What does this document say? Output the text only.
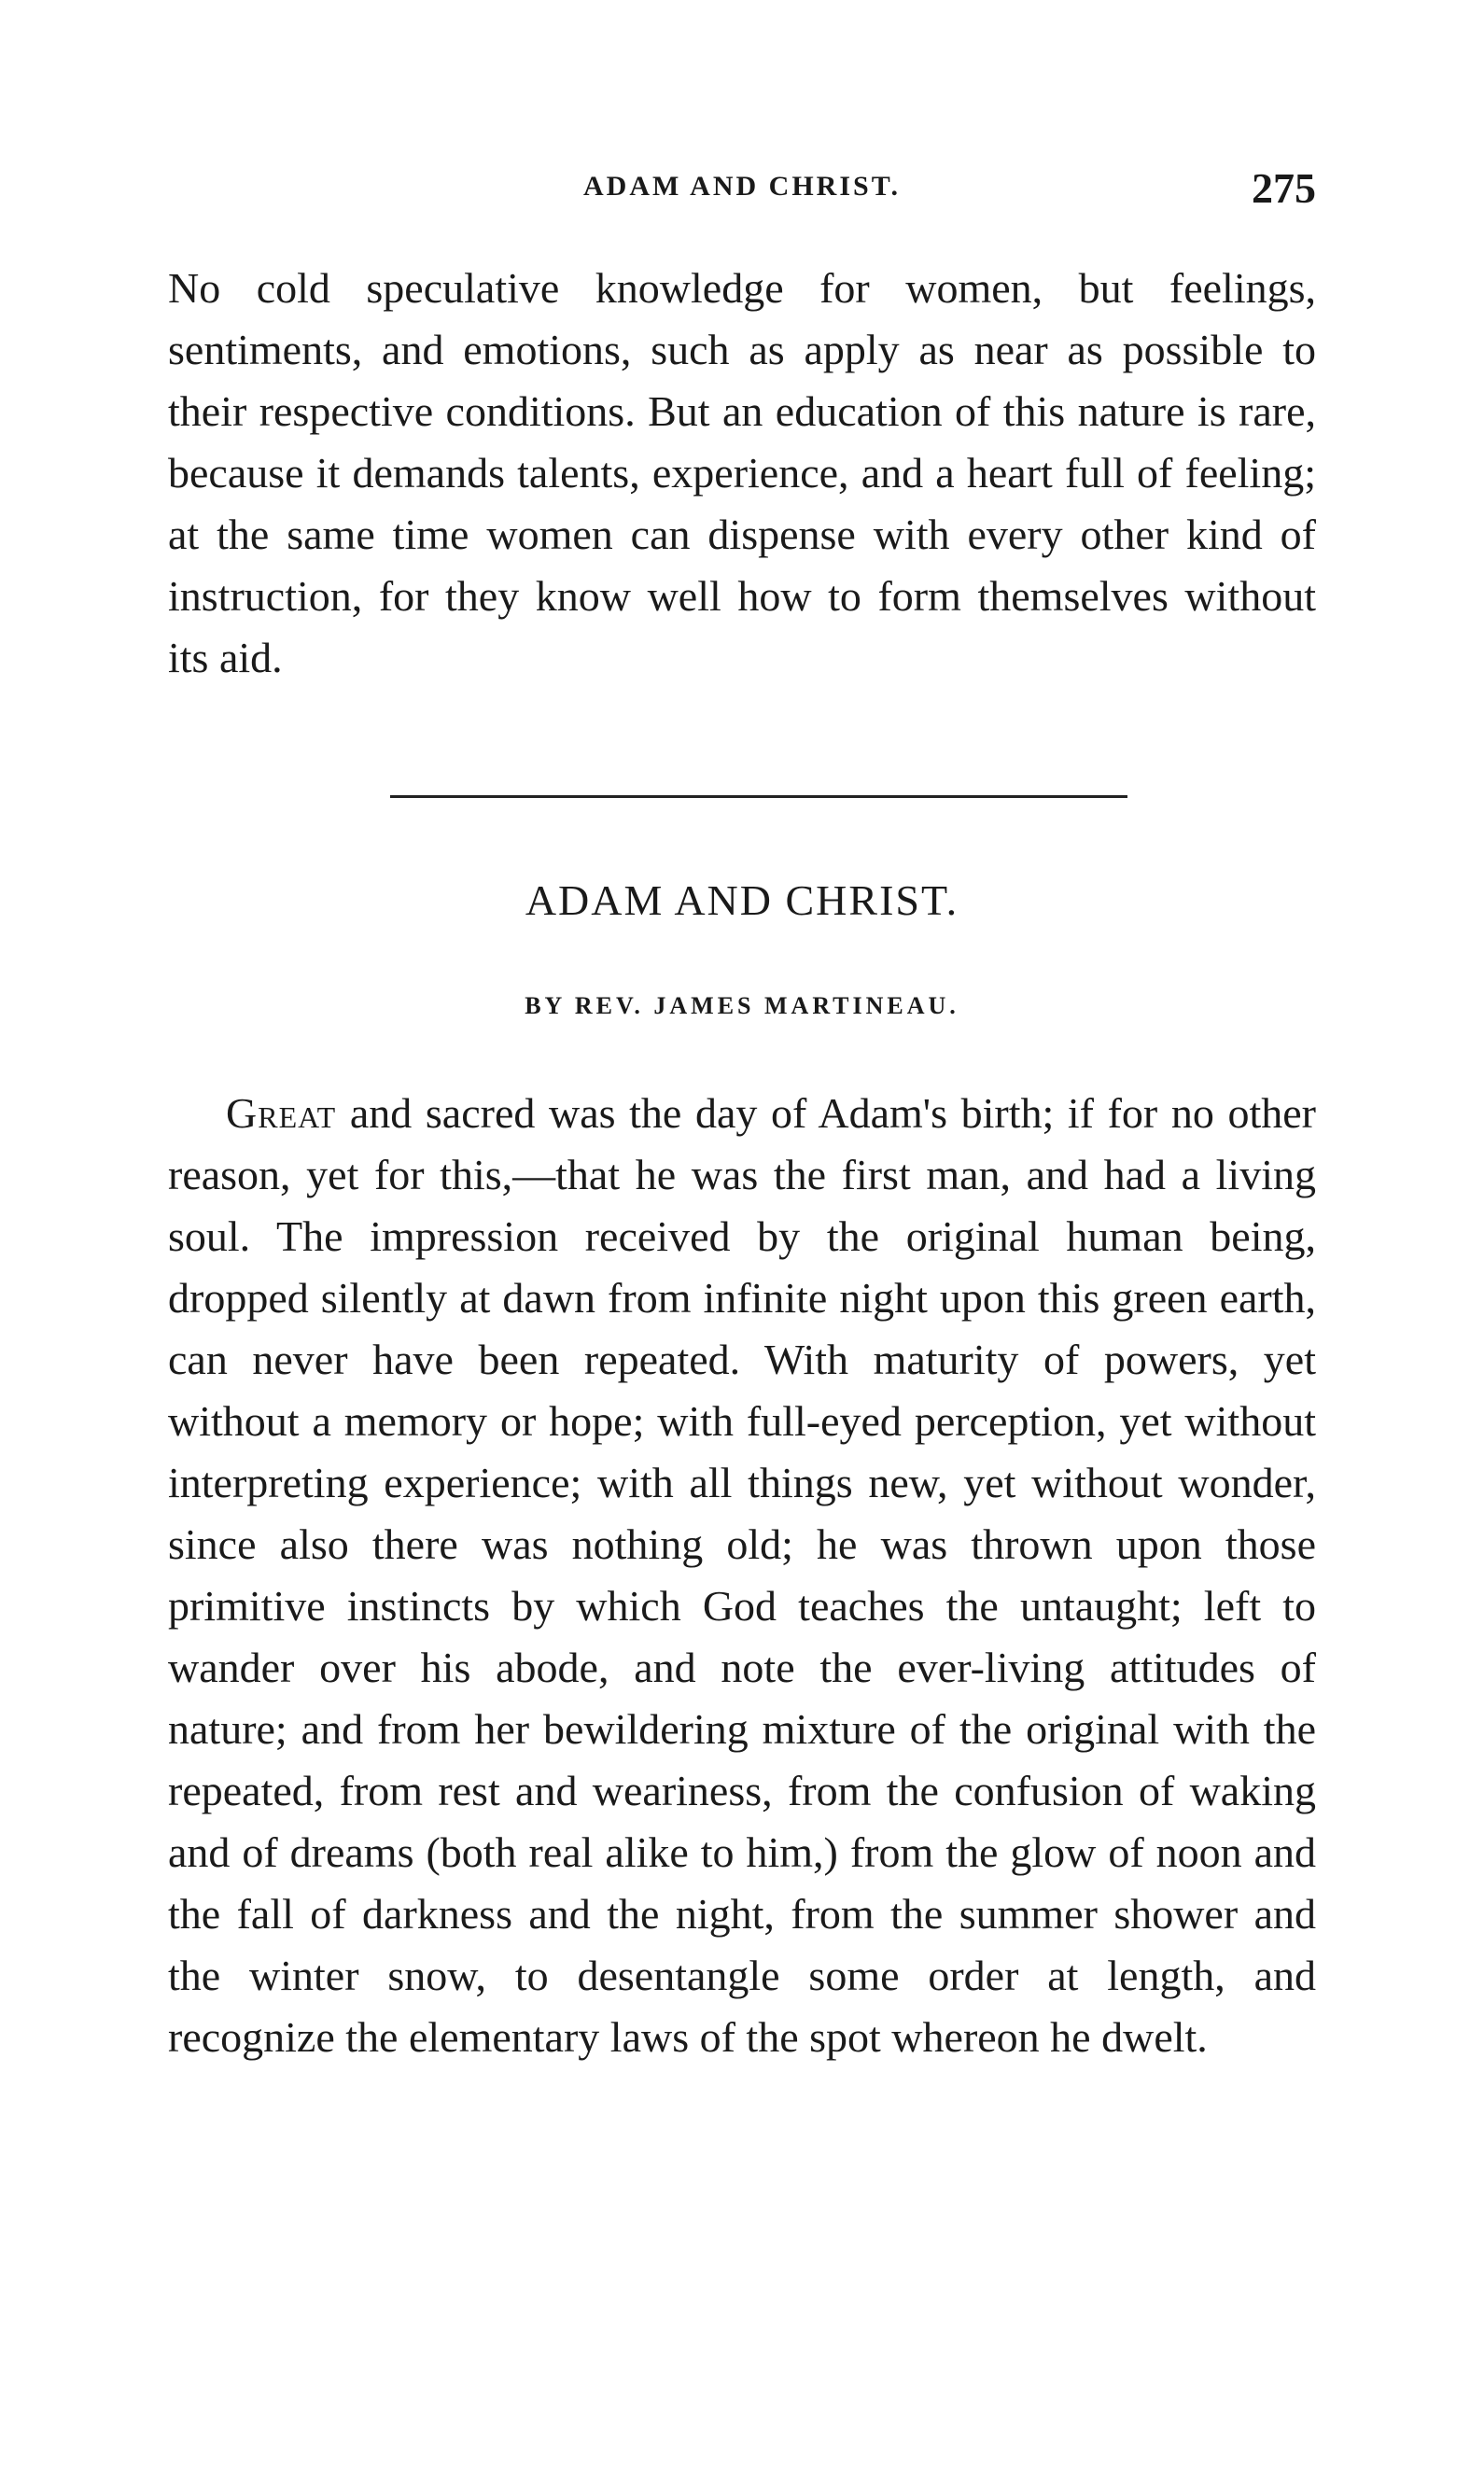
ADAM AND CHRIST.	275

No cold speculative knowledge for women, but feelings, sentiments, and emotions, such as apply as near as possible to their respective conditions. But an education of this nature is rare, because it demands talents, experience, and a heart full of feeling; at the same time women can dispense with every other kind of instruction, for they know well how to form themselves without its aid.

ADAM AND CHRIST.
BY REV. JAMES MARTINEAU.

Great and sacred was the day of Adam's birth; if for no other reason, yet for this,—that he was the first man, and had a living soul. The impression received by the original human being, dropped silently at dawn from infinite night upon this green earth, can never have been repeated. With maturity of powers, yet without a memory or hope; with full-eyed perception, yet without interpreting experience; with all things new, yet without wonder, since also there was nothing old; he was thrown upon those primitive instincts by which God teaches the untaught; left to wander over his abode, and note the ever-living attitudes of nature; and from her bewildering mixture of the original with the repeated, from rest and weariness, from the confusion of waking and of dreams (both real alike to him,) from the glow of noon and the fall of darkness and the night, from the summer shower and the winter snow, to desentangle some order at length, and recognize the elementary laws of the spot whereon he dwelt.
